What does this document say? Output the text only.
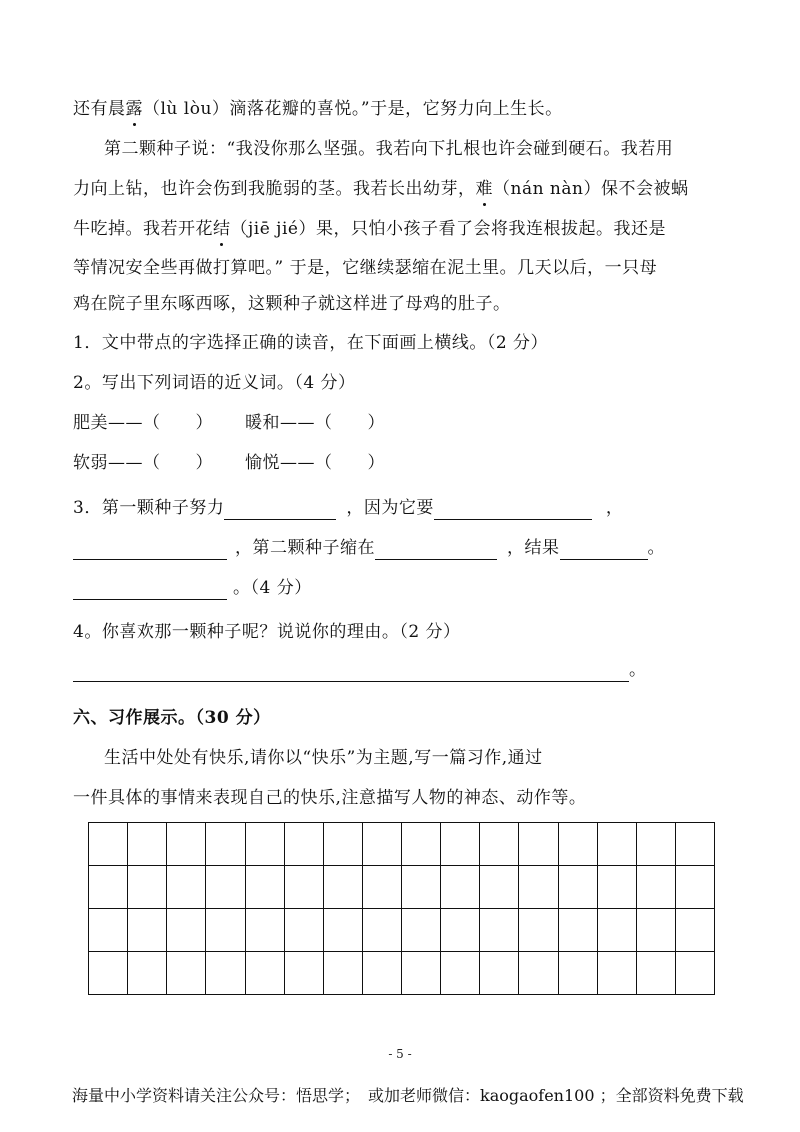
还有晨露（lù lòu）滴落花瓣的喜悦。”于是，它努力向上生长。
第二颗种子说：“我没你那么坚强。我若向下扎根也许会碰到硬石。我若用
力向上钻，也许会伤到我脆弱的茎。我若长出幼芽，难（nán nàn）保不会被蜗
牛吃掉。我若开花结（jiē jié）果，只怕小孩子看了会将我连根拔起。我还是
等情况安全些再做打算吧。” 于是，它继续瑟缩在泥土里。几天以后，一只母
鸡在院子里东啄西啄，这颗种子就这样进了母鸡的肚子。
1．文中带点的字选择正确的读音，在下面画上横线。（2 分）
2。写出下列词语的近义词。（4 分）
肥美——（　　） 暖和——（　　）
软弱——（　　） 愉悦——（　　）
3．第一颗种子努力	，因为它要	，
，第二颗种子缩在	，结果	。
。（4 分）
4。你喜欢那一颗种子呢？说说你的理由。（2 分）
。
六、习作展示。（30 分）
生活中处处有快乐,请你以“快乐”为主题,写一篇习作,通过
一件具体的事情来表现自己的快乐,注意描写人物的神态、动作等。
- 5 -
海量中小学资料请关注公众号：悟思学；　或加老师微信：kaogaofen100 ；全部资料免费下载
